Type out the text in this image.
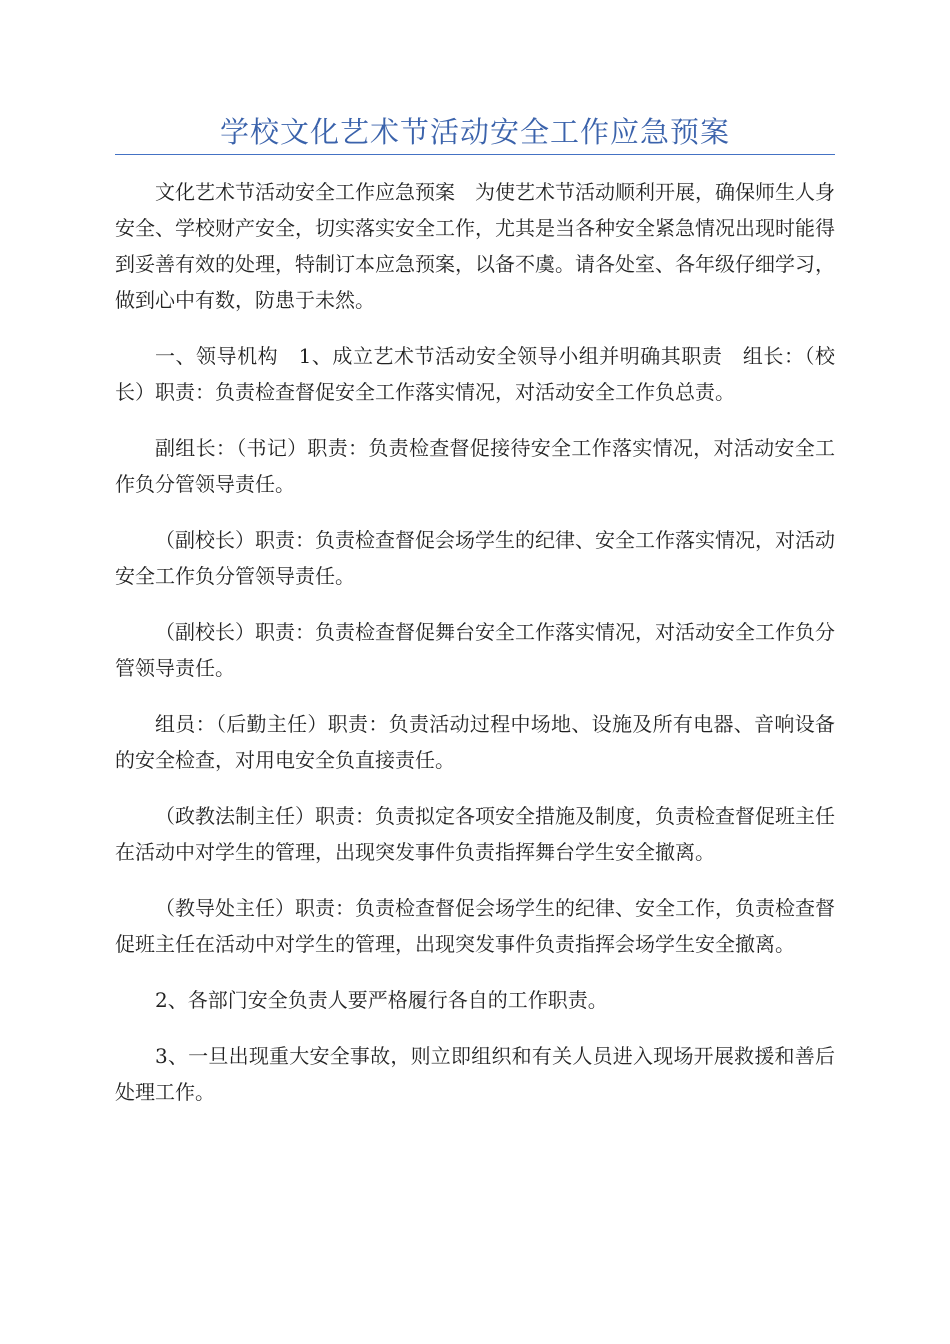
学校文化艺术节活动安全工作应急预案

文化艺术节活动安全工作应急预案　为使艺术节活动顺利开展，确保师生人身安全、学校财产安全，切实落实安全工作，尤其是当各种安全紧急情况出现时能得到妥善有效的处理，特制订本应急预案，以备不虞。请各处室、各年级仔细学习，做到心中有数，防患于未然。

一、领导机构　1、成立艺术节活动安全领导小组并明确其职责　组长：（校长）职责：负责检查督促安全工作落实情况，对活动安全工作负总责。

副组长：（书记）职责：负责检查督促接待安全工作落实情况，对活动安全工作负分管领导责任。

（副校长）职责：负责检查督促会场学生的纪律、安全工作落实情况，对活动安全工作负分管领导责任。

（副校长）职责：负责检查督促舞台安全工作落实情况，对活动安全工作负分管领导责任。

组员：（后勤主任）职责：负责活动过程中场地、设施及所有电器、音响设备的安全检查，对用电安全负直接责任。

（政教法制主任）职责：负责拟定各项安全措施及制度，负责检查督促班主任在活动中对学生的管理，出现突发事件负责指挥舞台学生安全撤离。

（教导处主任）职责：负责检查督促会场学生的纪律、安全工作，负责检查督促班主任在活动中对学生的管理，出现突发事件负责指挥会场学生安全撤离。

2、各部门安全负责人要严格履行各自的工作职责。

3、一旦出现重大安全事故，则立即组织和有关人员进入现场开展救援和善后处理工作。
